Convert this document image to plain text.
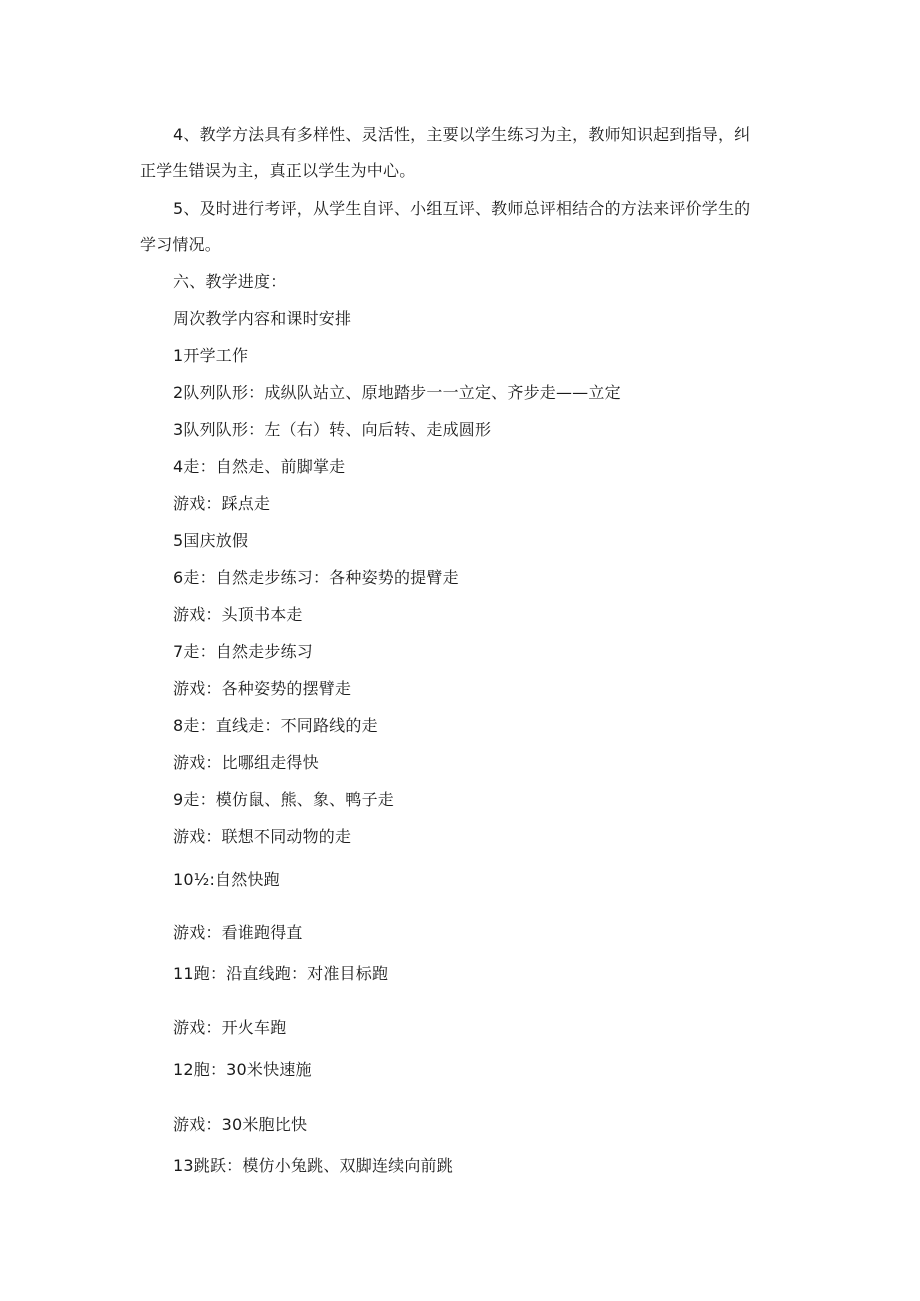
4、教学方法具有多样性、灵活性，主要以学生练习为主，教师知识起到指导，纠
正学生错误为主，真正以学生为中心。
5、及时进行考评，从学生自评、小组互评、教师总评相结合的方法来评价学生的
学习情况。
六、教学进度：
周次教学内容和课时安排
1开学工作
2队列队形：成纵队站立、原地踏步一一立定、齐步走——立定
3队列队形：左（右）转、向后转、走成圆形
4走：自然走、前脚掌走
游戏：踩点走
5国庆放假
6走：自然走步练习：各种姿势的提臂走
游戏：头顶书本走
7走：自然走步练习
游戏：各种姿势的摆臂走
8走：直线走：不同路线的走
游戏：比哪组走得快
9走：模仿鼠、熊、象、鸭子走
游戏：联想不同动物的走
10½:自然快跑
游戏：看谁跑得直
11跑：沿直线跑：对准目标跑
游戏：开火车跑
12胞：30米快速施
游戏：30米胞比快
13跳跃：模仿小兔跳、双脚连续向前跳
